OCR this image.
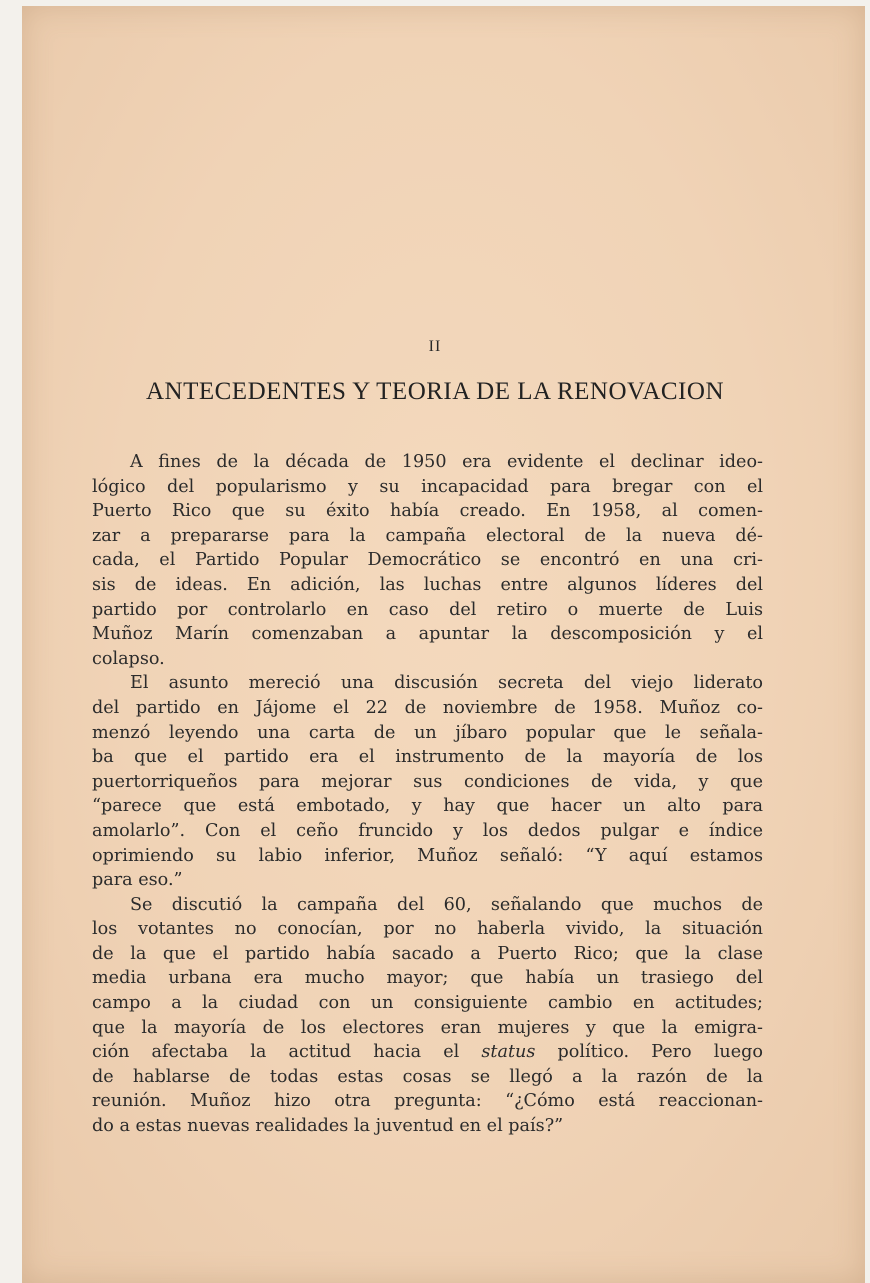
II
ANTECEDENTES Y TEORIA DE LA RENOVACION
A fines de la década de 1950 era evidente el declinar ideo-
lógico del popularismo y su incapacidad para bregar con el
Puerto Rico que su éxito había creado. En 1958, al comen-
zar a prepararse para la campaña electoral de la nueva dé-
cada, el Partido Popular Democrático se encontró en una cri-
sis de ideas. En adición, las luchas entre algunos líderes del
partido por controlarlo en caso del retiro o muerte de Luis
Muñoz Marín comenzaban a apuntar la descomposición y el
colapso.
El asunto mereció una discusión secreta del viejo liderato
del partido en Jájome el 22 de noviembre de 1958. Muñoz co-
menzó leyendo una carta de un jíbaro popular que le señala-
ba que el partido era el instrumento de la mayoría de los
puertorriqueños para mejorar sus condiciones de vida, y que
“parece que está embotado, y hay que hacer un alto para
amolarlo”. Con el ceño fruncido y los dedos pulgar e índice
oprimiendo su labio inferior, Muñoz señaló: “Y aquí estamos
para eso.”
Se discutió la campaña del 60, señalando que muchos de
los votantes no conocían, por no haberla vivido, la situación
de la que el partido había sacado a Puerto Rico; que la clase
media urbana era mucho mayor; que había un trasiego del
campo a la ciudad con un consiguiente cambio en actitudes;
que la mayoría de los electores eran mujeres y que la emigra-
ción afectaba la actitud hacia el status político. Pero luego
de hablarse de todas estas cosas se llegó a la razón de la
reunión. Muñoz hizo otra pregunta: “¿Cómo está reaccionan-
do a estas nuevas realidades la juventud en el país?”
